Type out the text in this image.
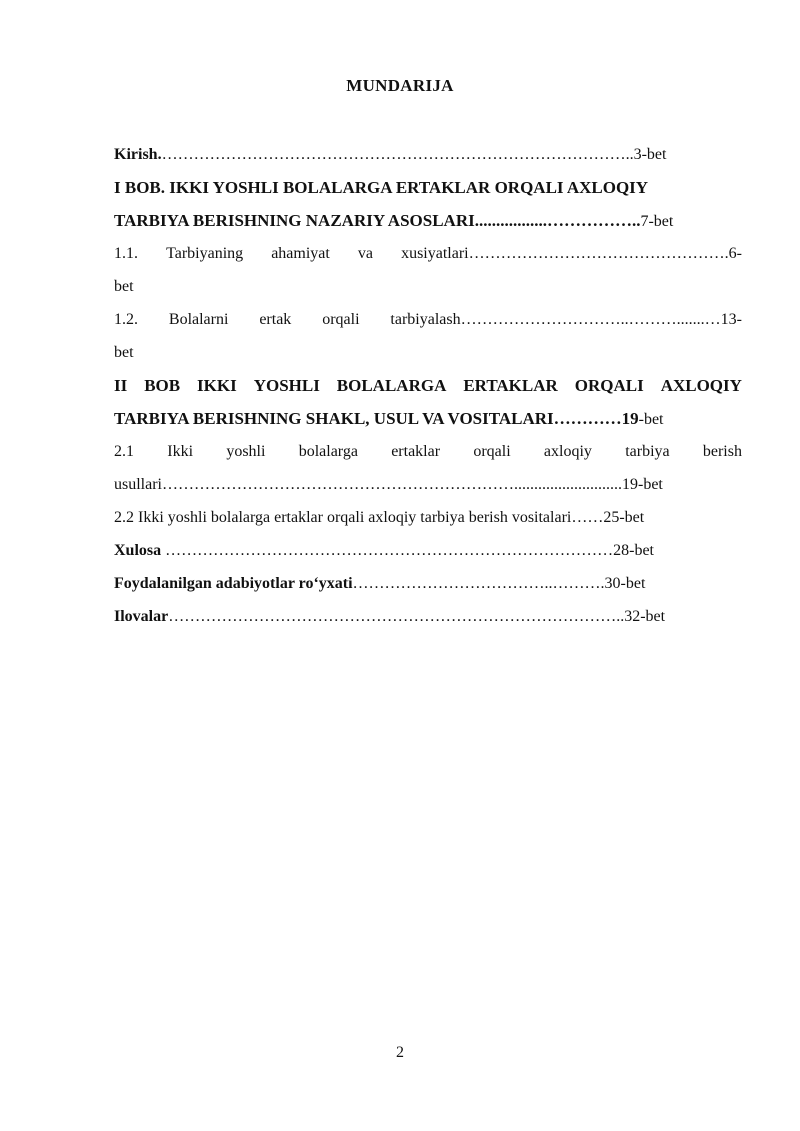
MUNDARIJA
Kirish.……………………………………………………………………………..3-bet
I BOB. IKKI YOSHLI BOLALARGA ERTAKLAR ORQALI AXLOQIY
TARBIYA BERISHNING NAZARIY ASOSLARI.................……………..7-bet
1.1. Tarbiyaning ahamiyat va xusiyatlari………………………………………….6-
bet
1.2. Bolalarni ertak orqali tarbiyalash…………………………..……….......…13-
bet
II BOB IKKI YOSHLI BOLALARGA ERTAKLAR ORQALI AXLOQIY
TARBIYA BERISHNING SHAKL, USUL VA VOSITALARI…………19-bet
2.1 Ikki yoshli bolalarga ertaklar orqali axloqiy tarbiya berish
usullari…………………………………………………………...........................19-bet
2.2 Ikki yoshli bolalarga ertaklar orqali axloqiy tarbiya berish vositalari……25-bet
Xulosa …………………………………………………………………………28-bet
Foydalanilgan adabiyotlar ro‘yxati………………………………..……….30-bet
Ilovalar…………………………………………………………………………..32-bet
2
